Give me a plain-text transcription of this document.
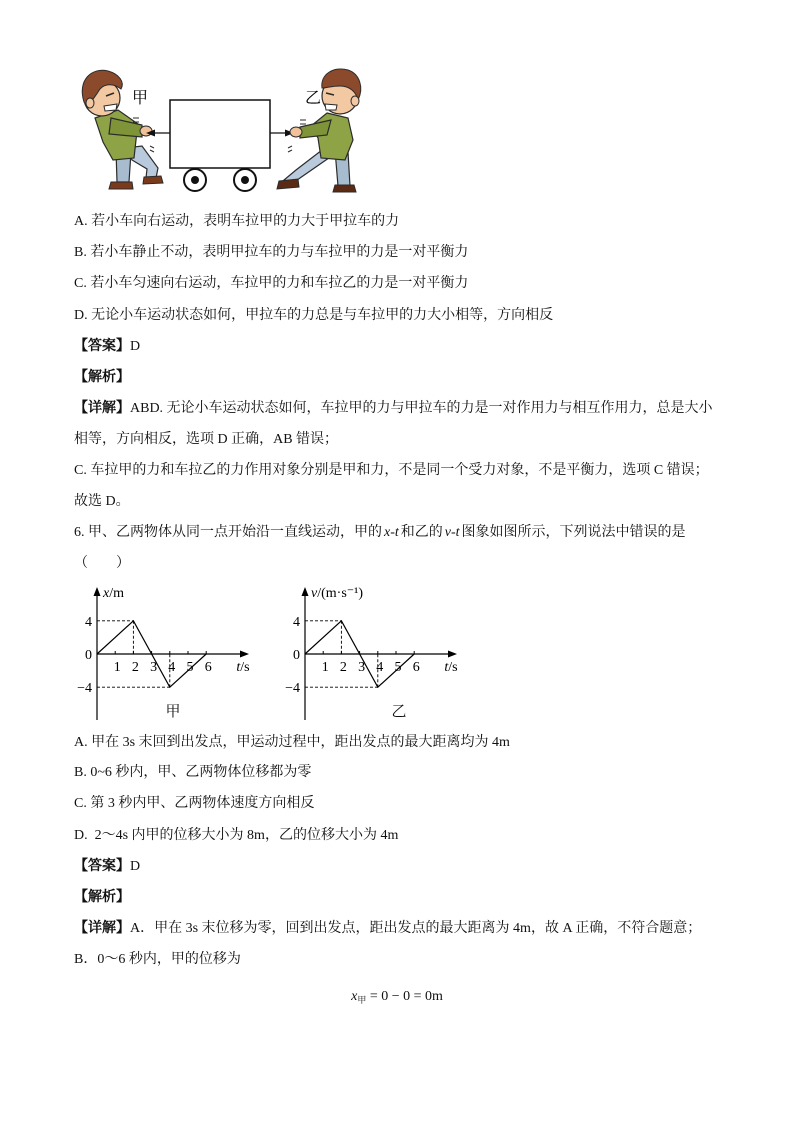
甲	乙
A. 若小车向右运动，表明车拉甲的力大于甲拉车的力
B. 若小车静止不动，表明甲拉车的力与车拉甲的力是一对平衡力
C. 若小车匀速向右运动，车拉甲的力和车拉乙的力是一对平衡力
D. 无论小车运动状态如何，甲拉车的力总是与车拉甲的力大小相等，方向相反
【答案】D
【解析】
【详解】ABD. 无论小车运动状态如何，车拉甲的力与甲拉车的力是一对作用力与相互作用力，总是大小
相等，方向相反，选项 D 正确，AB 错误；
C. 车拉甲的力和车拉乙的力作用对象分别是甲和力，不是同一个受力对象，不是平衡力，选项 C 错误；
故选 D。
6. 甲、乙两物体从同一点开始沿一直线运动，甲的 x-t 和乙的 v-t 图象如图所示，下列说法中错误的是
（　　）
x/m
t/s
0
1 2 3 4 5 6
4
−4
v/(m·s⁻¹)
t/s
0
1 2 3 4 5 6
4
−4
甲	乙
A. 甲在 3s 末回到出发点，甲运动过程中，距出发点的最大距离均为 4m
B. 0~6 秒内，甲、乙两物体位移都为零
C. 第 3 秒内甲、乙两物体速度方向相反
D.  2～4s 内甲的位移大小为 8m，乙的位移大小为 4m
【答案】D
【解析】
【详解】A．甲在 3s 末位移为零，回到出发点，距出发点的最大距离为 4m，故 A 正确，不符合题意；
B．0～6 秒内，甲的位移为
$x_甲 = 0 - 0 = 0m$
